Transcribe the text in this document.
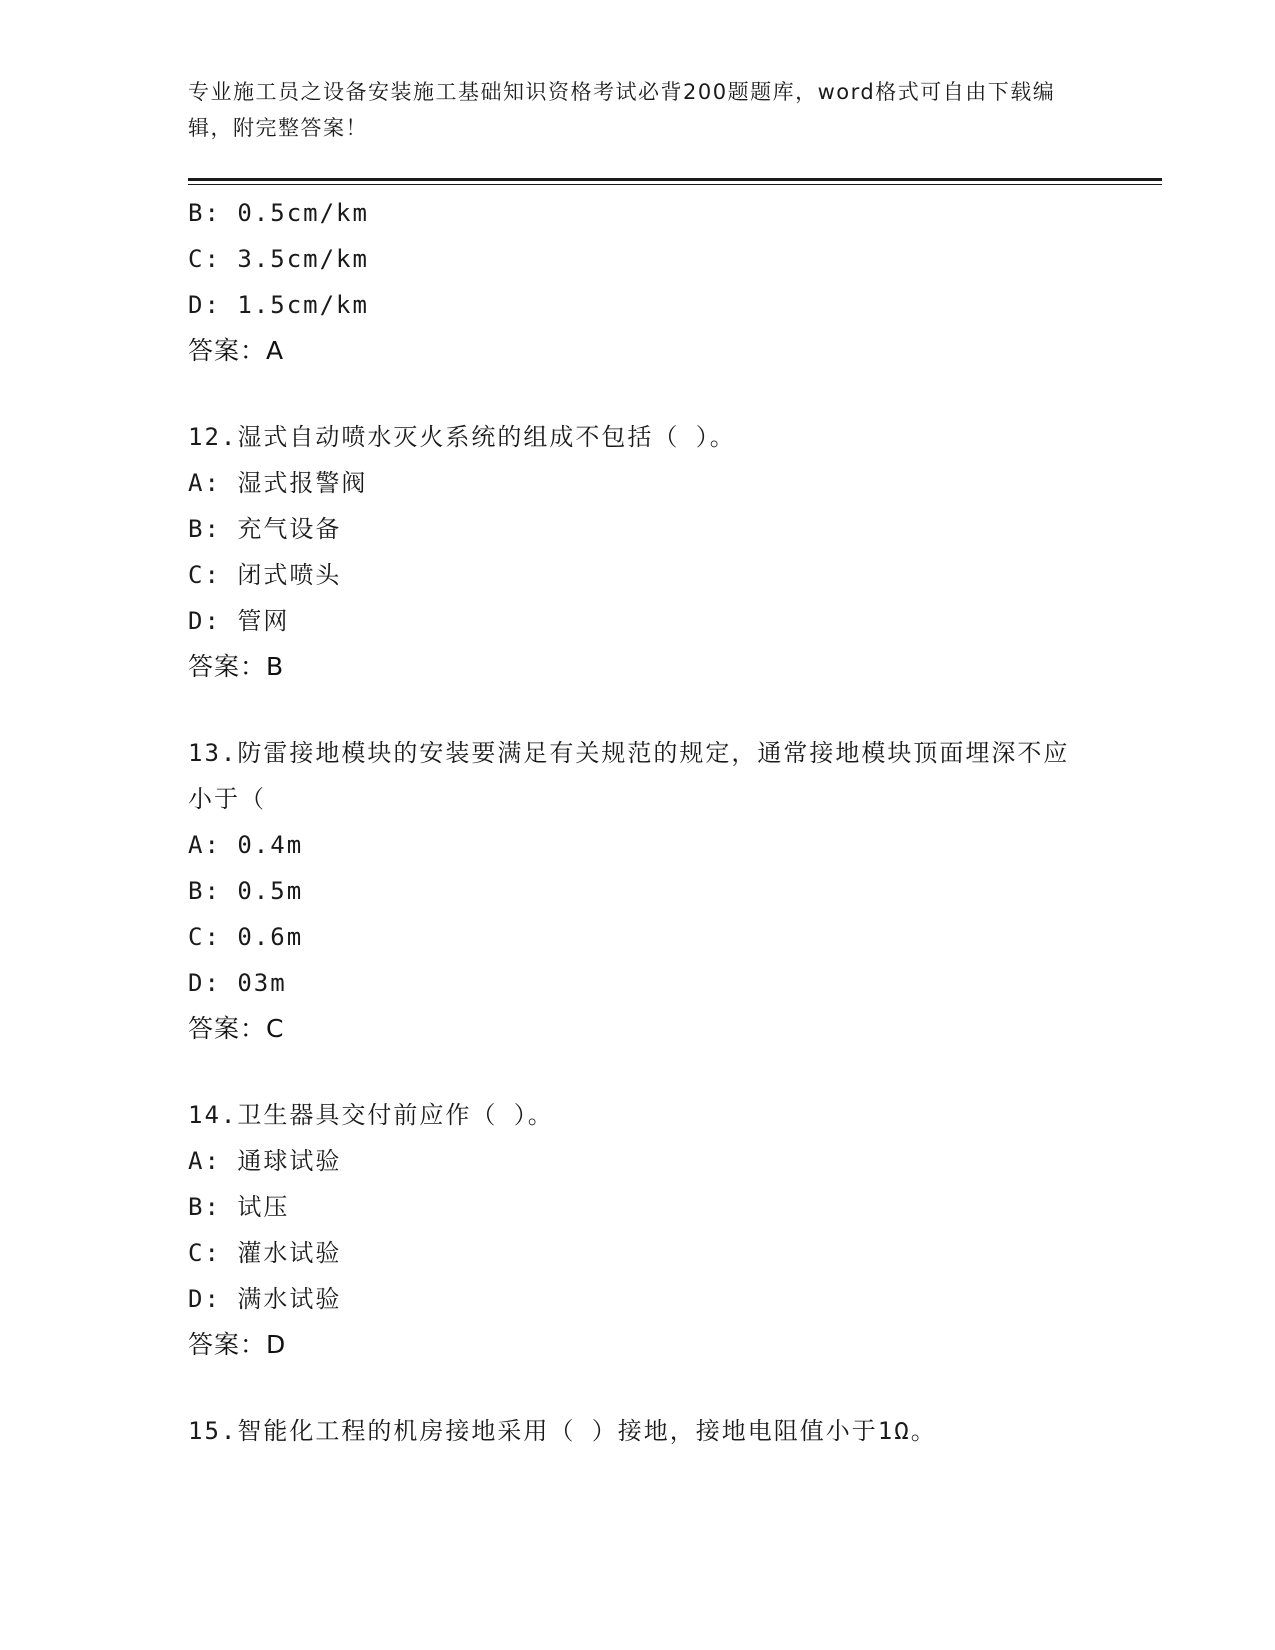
专业施工员之设备安装施工基础知识资格考试必背200题题库，word格式可自由下载编辑，附完整答案！
B: 0.5cm/km
C: 3.5cm/km
D: 1.5cm/km
答案：A
12.湿式自动喷水灭火系统的组成不包括（ ）。
A: 湿式报警阀
B: 充气设备
C: 闭式喷头
D: 管网
答案：B
13.防雷接地模块的安装要满足有关规范的规定，通常接地模块顶面埋深不应小于（
A: 0.4m
B: 0.5m
C: 0.6m
D: 03m
答案：C
14.卫生器具交付前应作（ ）。
A: 通球试验
B: 试压
C: 灌水试验
D: 满水试验
答案：D
15.智能化工程的机房接地采用（ ）接地，接地电阻值小于1Ω。
